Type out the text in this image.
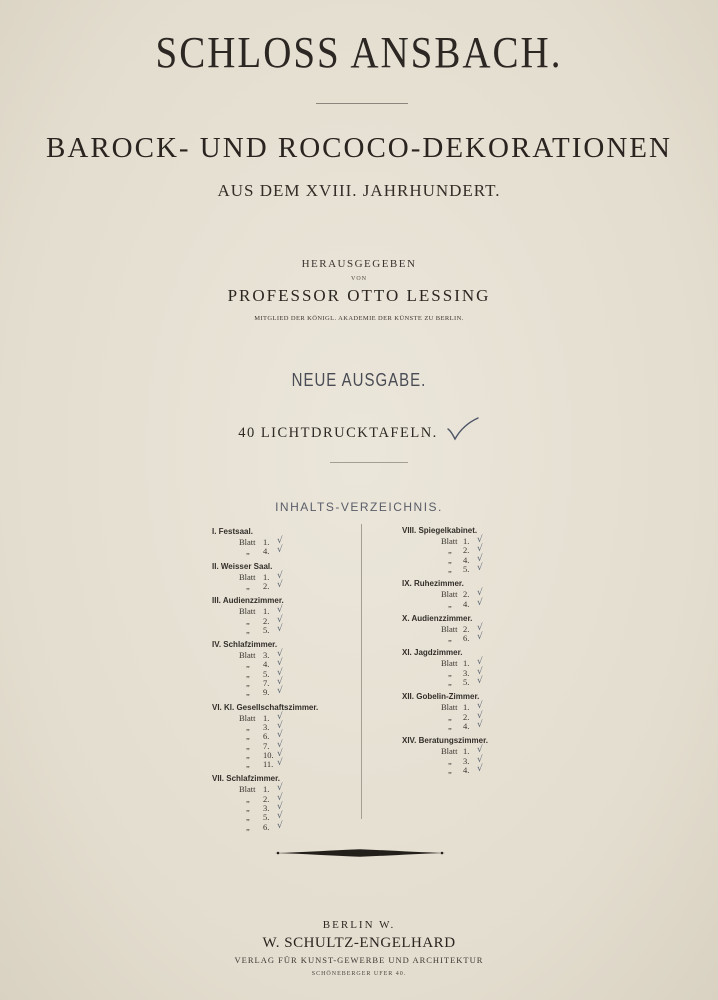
SCHLOSS ANSBACH.
BAROCK- UND ROCOCO-DEKORATIONEN
AUS DEM XVIII. JAHRHUNDERT.
HERAUSGEGEBEN
VON
PROFESSOR OTTO LESSING
MITGLIED DER KÖNIGL. AKADEMIE DER KÜNSTE ZU BERLIN.
NEUE AUSGABE.
40 LICHTDRUCKTAFELN.
INHALTS-VERZEICHNIS.
I. Festsaal.
Blatt 1. √
„ 4. √
II. Weisser Saal.
Blatt 1. √
„ 2. √
III. Audienzzimmer.
Blatt 1. √
„ 2. √
„ 5. √
IV. Schlafzimmer.
Blatt 3. √
„ 4. √
„ 5. √
„ 7. √
„ 9. √
VI. Kl. Gesellschaftszimmer.
Blatt 1. √
„ 3. √
„ 6. √
„ 7. √
„ 10. √
„ 11. √
VII. Schlafzimmer.
Blatt 1. √
„ 2. √
„ 3. √
„ 5. √
„ 6. √
VIII. Spiegelkabinet.
Blatt 1. √
„ 2. √
„ 4. √
„ 5. √
IX. Ruhezimmer.
Blatt 2. √
„ 4. √
X. Audienzzimmer.
Blatt 2. √
„ 6. √
XI. Jagdzimmer.
Blatt 1. √
„ 3. √
„ 5. √
XII. Gobelin-Zimmer.
Blatt 1. √
„ 2. √
„ 4. √
XIV. Beratungszimmer.
Blatt 1. √
„ 3. √
„ 4. √
BERLIN W.
W. SCHULTZ-ENGELHARD
VERLAG FÜR KUNST-GEWERBE UND ARCHITEKTUR
SCHÖNEBERGER UFER 40.
